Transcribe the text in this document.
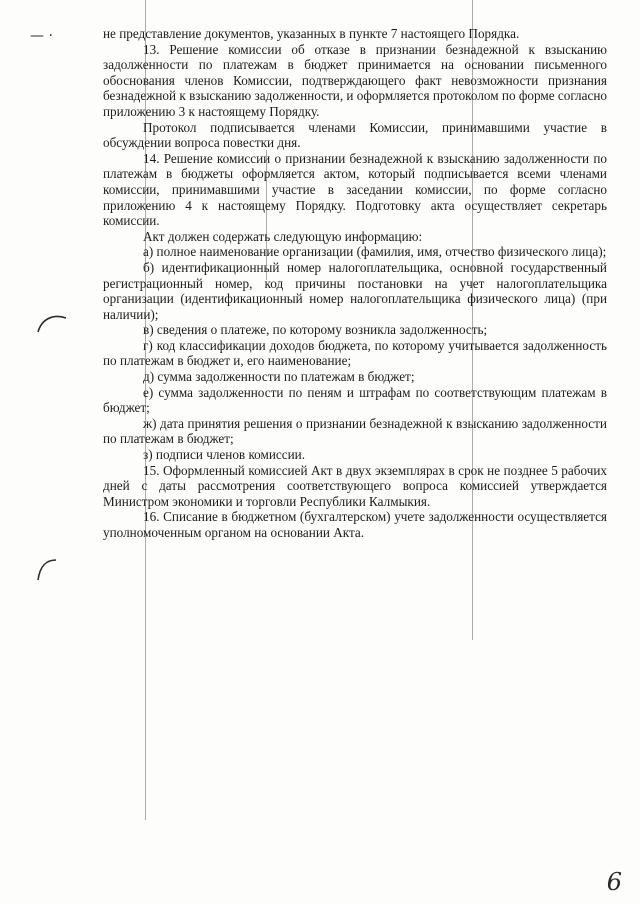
— ·	не представление документов, указанных в пункте 7 настоящего Порядка.

13. Решение комиссии об отказе в признании безнадежной к взысканию задолженности по платежам в бюджет принимается на основании письменного обоснования членов Комиссии, подтверждающего факт невозможности признания безнадежной к взысканию задолженности, и оформляется протоколом по форме согласно приложению 3 к настоящему Порядку.

Протокол подписывается членами Комиссии, принимавшими участие в обсуждении вопроса повестки дня.

14. Решение комиссии о признании безнадежной к взысканию задолженности по платежам в бюджеты оформляется актом, который подписывается всеми членами комиссии, принимавшими участие в заседании комиссии, по форме согласно приложению 4 к настоящему Порядку. Подготовку акта осуществляет секретарь комиссии.

Акт должен содержать следующую информацию:

а) полное наименование организации (фамилия, имя, отчество физического лица);

б) идентификационный номер налогоплательщика, основной государственный регистрационный номер, код причины постановки на учет налогоплательщика организации (идентификационный номер налогоплательщика физического лица) (при наличии);

в) сведения о платеже, по которому возникла задолженность;

г) код классификации доходов бюджета, по которому учитывается задолженность по платежам в бюджет и, его наименование;

д) сумма задолженности по платежам в бюджет;

е) сумма задолженности по пеням и штрафам по соответствующим платежам в бюджет;

ж) дата принятия решения о признании безнадежной к взысканию задолженности по платежам в бюджет;

з) подписи членов комиссии.

15. Оформленный комиссией Акт в двух экземплярах в срок не позднее 5 рабочих дней с даты рассмотрения соответствующего вопроса комиссией утверждается Министром экономики и торговли Республики Калмыкия.

16. Списание в бюджетном (бухгалтерском) учете задолженности осуществляется уполномоченным органом на основании Акта.

6
